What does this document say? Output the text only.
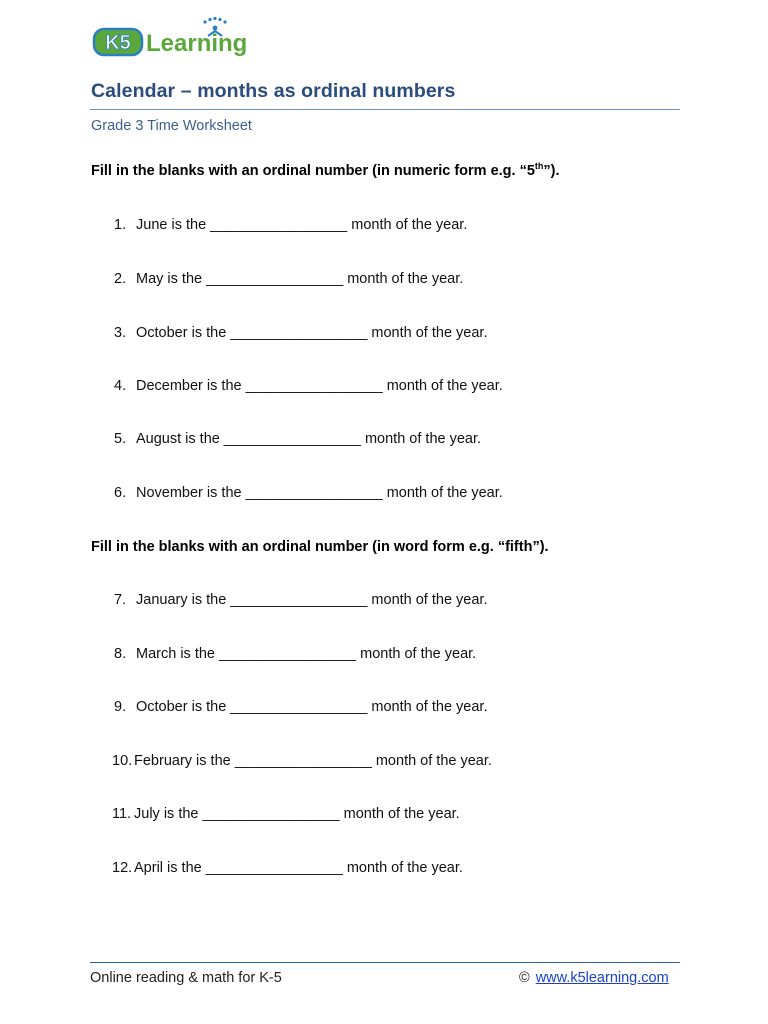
K5 Learning
Calendar – months as ordinal numbers
Grade 3 Time Worksheet
Fill in the blanks with an ordinal number (in numeric form e.g. “5th”).
1. June is the _________________ month of the year.
2. May is the _________________ month of the year.
3. October is the _________________ month of the year.
4. December is the _________________ month of the year.
5. August is the _________________ month of the year.
6. November is the _________________ month of the year.
Fill in the blanks with an ordinal number (in word form e.g. “fifth”).
7. January is the _________________ month of the year.
8. March is the _________________ month of the year.
9. October is the _________________ month of the year.
10. February is the _________________ month of the year.
11. July is the _________________ month of the year.
12. April is the _________________ month of the year.
Online reading & math for K-5	© www.k5learning.com
